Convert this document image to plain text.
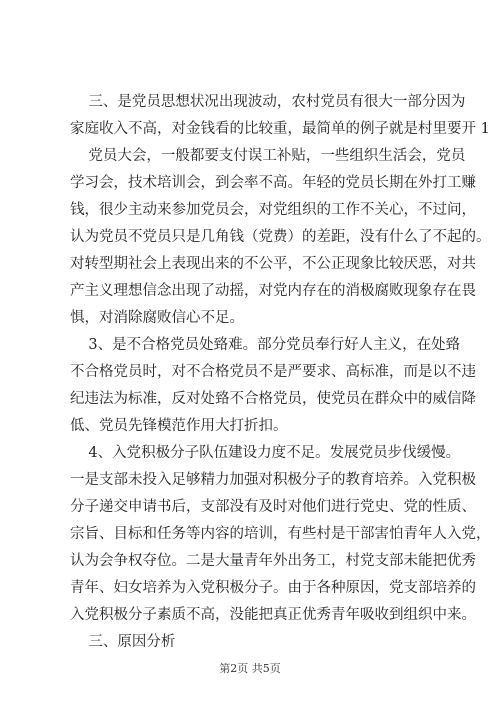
三、是党员思想状况出现波动，农村党员有很大一部分因为
家庭收入不高，对金钱看的比较重，最简单的例子就是村里要开 1
党员大会，一般都要支付误工补贴，一些组织生活会，党员
学习会，技术培训会，到会率不高。年轻的党员长期在外打工赚
钱，很少主动来参加党员会，对党组织的工作不关心，不过问，
认为党员不党员只是几角钱（党费）的差距，没有什么了不起的。
对转型期社会上表现出来的不公平，不公正现象比较厌恶，对共
产主义理想信念出现了动摇，对党内存在的消极腐败现象存在畏
惧，对消除腐败信心不足。
3、是不合格党员处臵难。部分党员奉行好人主义，在处臵
不合格党员时，对不合格党员不是严要求、高标准，而是以不违
纪违法为标准，反对处臵不合格党员，使党员在群众中的威信降
低、党员先锋模范作用大打折扣。
4、入党积极分子队伍建设力度不足。发展党员步伐缓慢。
一是支部未投入足够精力加强对积极分子的教育培养。入党积极
分子递交申请书后，支部没有及时对他们进行党史、党的性质、
宗旨、目标和任务等内容的培训，有些村是干部害怕青年人入党，
认为会争权夺位。二是大量青年外出务工，村党支部未能把优秀
青年、妇女培养为入党积极分子。由于各种原因，党支部培养的
入党积极分子素质不高，没能把真正优秀青年吸收到组织中来。
三、原因分析
第2页 共5页
